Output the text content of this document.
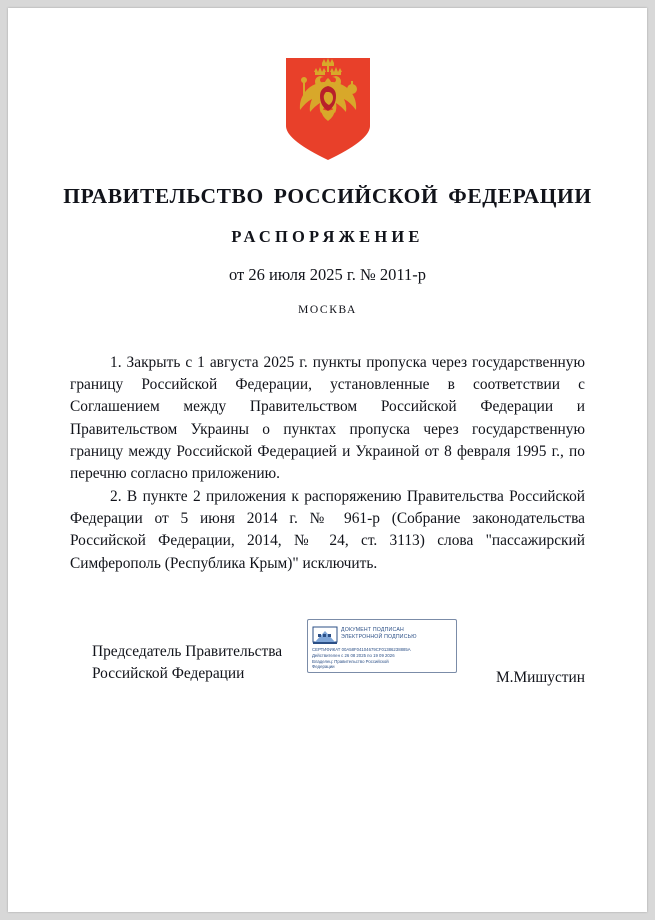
ПРАВИТЕЛЬСТВО РОССИЙСКОЙ ФЕДЕРАЦИИ
РАСПОРЯЖЕНИЕ
от 26 июля 2025 г. № 2011-р
МОСКВА

1. Закрыть с 1 августа 2025 г. пункты пропуска через государственную границу Российской Федерации, установленные в соответствии с Соглашением между Правительством Российской Федерации и Правительством Украины о пунктах пропуска через государственную границу между Российской Федерацией и Украиной от 8 февраля 1995 г., по перечню согласно приложению.

2. В пункте 2 приложения к распоряжению Правительства Российской Федерации от 5 июня 2014 г. № 961-р (Собрание законодательства Российской Федерации, 2014, № 24, ст. 3113) слова "пассажирский Симферополь (Республика Крым)" исключить.

Председатель Правительства
Российской Федерации
ДОКУМЕНТ ПОДПИСАН
ЭЛЕКТРОННОЙ ПОДПИСЬЮ
СЕРТИФИКАТ 00A58F04104679CF01386238885A
Действителен с 26 08 2025 по 19 09 2026
Владелец: Правительство Российской
Федерации
М.Мишустин
